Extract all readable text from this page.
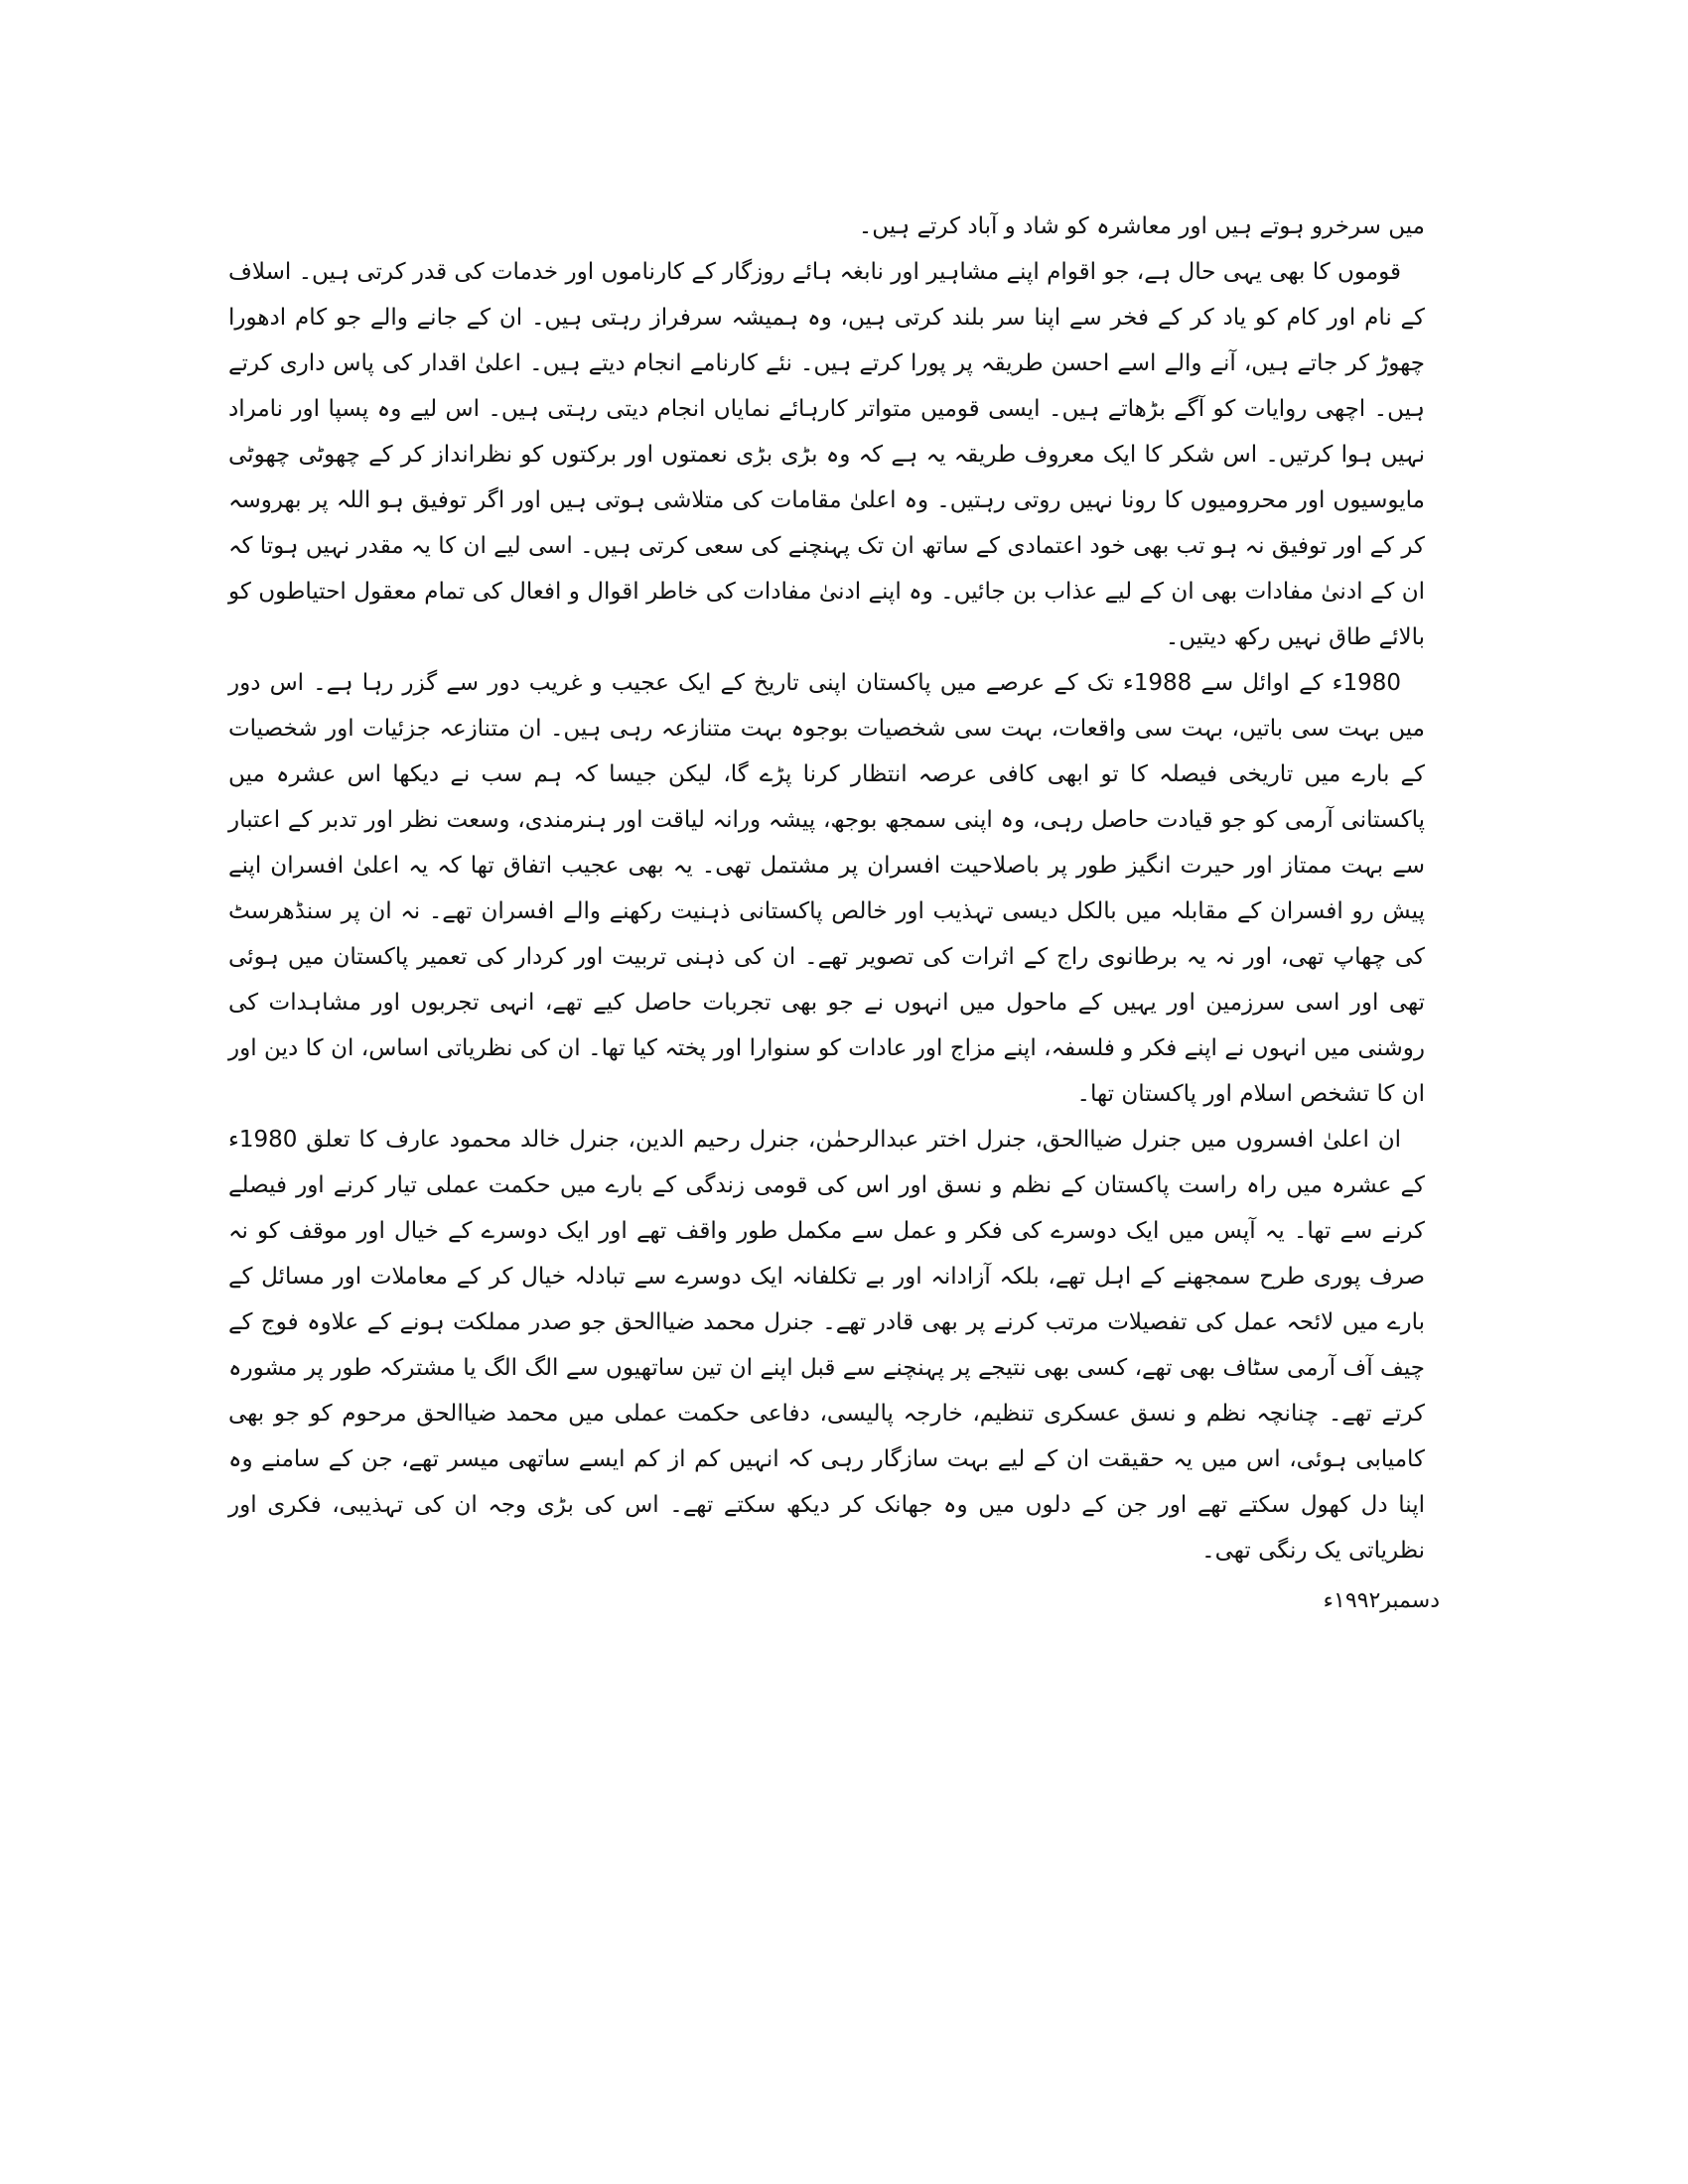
میں سرخرو ہوتے ہیں اور معاشرہ کو شاد و آباد کرتے ہیں۔

قوموں کا بھی یہی حال ہے، جو اقوام اپنے مشاہیر اور نابغہ ہائے روزگار کے کارناموں اور خدمات کی قدر کرتی ہیں۔ اسلاف کے نام اور کام کو یاد کر کے فخر سے اپنا سر بلند کرتی ہیں، وہ ہمیشہ سرفراز رہتی ہیں۔ ان کے جانے والے جو کام ادھورا چھوڑ کر جاتے ہیں، آنے والے اسے احسن طریقہ پر پورا کرتے ہیں۔ نئے کارنامے انجام دیتے ہیں۔ اعلیٰ اقدار کی پاس داری کرتے ہیں۔ اچھی روایات کو آگے بڑھاتے ہیں۔ ایسی قومیں متواتر کارہائے نمایاں انجام دیتی رہتی ہیں۔ اس لیے وہ پسپا اور نامراد نہیں ہوا کرتیں۔ اس شکر کا ایک معروف طریقہ یہ ہے کہ وہ بڑی بڑی نعمتوں اور برکتوں کو نظرانداز کر کے چھوٹی چھوٹی مایوسیوں اور محرومیوں کا رونا نہیں روتی رہتیں۔ وہ اعلیٰ مقامات کی متلاشی ہوتی ہیں اور اگر توفیق ہو اللہ پر بھروسہ کر کے اور توفیق نہ ہو تب بھی خود اعتمادی کے ساتھ ان تک پہنچنے کی سعی کرتی ہیں۔ اسی لیے ان کا یہ مقدر نہیں ہوتا کہ ان کے ادنیٰ مفادات بھی ان کے لیے عذاب بن جائیں۔ وہ اپنے ادنیٰ مفادات کی خاطر اقوال و افعال کی تمام معقول احتیاطوں کو بالائے طاق نہیں رکھ دیتیں۔

1980ء کے اوائل سے 1988ء تک کے عرصے میں پاکستان اپنی تاریخ کے ایک عجیب و غریب دور سے گزر رہا ہے۔ اس دور میں بہت سی باتیں، بہت سی واقعات، بہت سی شخصیات بوجوہ بہت متنازعہ رہی ہیں۔ ان متنازعہ جزئیات اور شخصیات کے بارے میں تاریخی فیصلہ کا تو ابھی کافی عرصہ انتظار کرنا پڑے گا، لیکن جیسا کہ ہم سب نے دیکھا اس عشرہ میں پاکستانی آرمی کو جو قیادت حاصل رہی، وہ اپنی سمجھ بوجھ، پیشہ ورانہ لیاقت اور ہنرمندی، وسعت نظر اور تدبر کے اعتبار سے بہت ممتاز اور حیرت انگیز طور پر باصلاحیت افسران پر مشتمل تھی۔ یہ بھی عجیب اتفاق تھا کہ یہ اعلیٰ افسران اپنے پیش رو افسران کے مقابلہ میں بالکل دیسی تہذیب اور خالص پاکستانی ذہنیت رکھنے والے افسران تھے۔ نہ ان پر سنڈھرسٹ کی چھاپ تھی، اور نہ یہ برطانوی راج کے اثرات کی تصویر تھے۔ ان کی ذہنی تربیت اور کردار کی تعمیر پاکستان میں ہوئی تھی اور اسی سرزمین اور یہیں کے ماحول میں انہوں نے جو بھی تجربات حاصل کیے تھے، انہی تجربوں اور مشاہدات کی روشنی میں انہوں نے اپنے فکر و فلسفہ، اپنے مزاج اور عادات کو سنوارا اور پختہ کیا تھا۔ ان کی نظریاتی اساس، ان کا دین اور ان کا تشخص اسلام اور پاکستان تھا۔

ان اعلیٰ افسروں میں جنرل ضیاالحق، جنرل اختر عبدالرحمٰن، جنرل رحیم الدین، جنرل خالد محمود عارف کا تعلق 1980ء کے عشرہ میں راہ راست پاکستان کے نظم و نسق اور اس کی قومی زندگی کے بارے میں حکمت عملی تیار کرنے اور فیصلے کرنے سے تھا۔ یہ آپس میں ایک دوسرے کی فکر و عمل سے مکمل طور واقف تھے اور ایک دوسرے کے خیال اور موقف کو نہ صرف پوری طرح سمجھنے کے اہل تھے، بلکہ آزادانہ اور بے تکلفانہ ایک دوسرے سے تبادلہ خیال کر کے معاملات اور مسائل کے بارے میں لائحہ عمل کی تفصیلات مرتب کرنے پر بھی قادر تھے۔ جنرل محمد ضیاالحق جو صدر مملکت ہونے کے علاوہ فوج کے چیف آف آرمی سٹاف بھی تھے، کسی بھی نتیجے پر پہنچنے سے قبل اپنے ان تین ساتھیوں سے الگ الگ یا مشترکہ طور پر مشورہ کرتے تھے۔ چنانچہ نظم و نسق عسکری تنظیم، خارجہ پالیسی، دفاعی حکمت عملی میں محمد ضیاالحق مرحوم کو جو بھی کامیابی ہوئی، اس میں یہ حقیقت ان کے لیے بہت سازگار رہی کہ انہیں کم از کم ایسے ساتھی میسر تھے، جن کے سامنے وہ اپنا دل کھول سکتے تھے اور جن کے دلوں میں وہ جھانک کر دیکھ سکتے تھے۔ اس کی بڑی وجہ ان کی تہذیبی، فکری اور نظریاتی یک رنگی تھی۔

دسمبر۱۹۹۲ء
